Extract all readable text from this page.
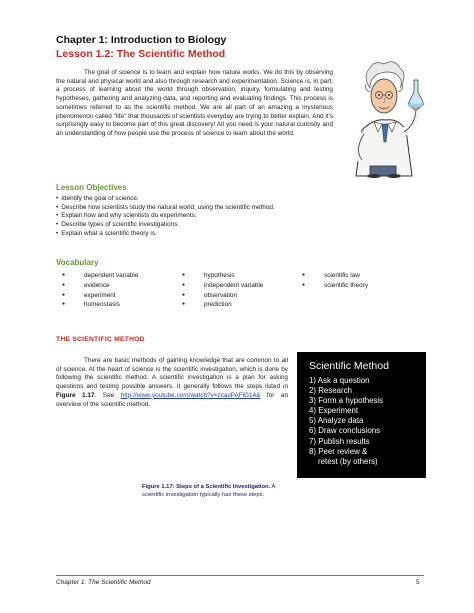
Chapter 1: Introduction to Biology
Lesson 1.2: The Scientific Method

The goal of science is to learn and explain how nature works. We do this by observing the natural and physical world and also through research and experimentation. Science is, in part, a process of learning about the world through observation, inquiry, formulating and testing hypotheses, gathering and analyzing data, and reporting and evaluating findings. This process is sometimes referred to as the scientific method. We are all part of an amazing a mysterious phenomenon called "life" that thousands of scientists everyday are trying to better explain. And it's surprisingly easy to become part of this great discovery! All you need is your natural curiosity and an understanding of how people use the process of science to learn about the world.

Lesson Objectives
• Identify the goal of science.
• Describe how scientists study the natural world; using the scientific method.
• Explain how and why scientists do experiments.
• Describe types of scientific investigations.
• Explain what a scientific theory is.
Vocabulary
● dependent variable
● evidence
● experiment
● homeostasis
● hypothesis
● independent variable
● observation
● prediction
● scientific law
● scientific theory
THE SCIENTIFIC METHOD

There are basic methods of gaining knowledge that are common to all of science. At the heart of science is the scientific investigation, which is done by following the scientific method. A scientific investigation is a plan for asking questions and testing possible answers. It generally follows the steps listed in Figure 1.17. See http://www.youtube.com/watch?v=zcavPAFiG14& for an overview of the scientific method.

Scientific Method
1) Ask a question
2) Research
3) Form a hypothesis
4) Experiment
5) Analyze data
6) Draw conclusions
7) Publish results
8) Peer review &
retest (by others)

Figure 1.17: Steps of a Scientific Investigation. A scientific investigation typically has these steps.

Chapter 1: The Scientific Method	5
